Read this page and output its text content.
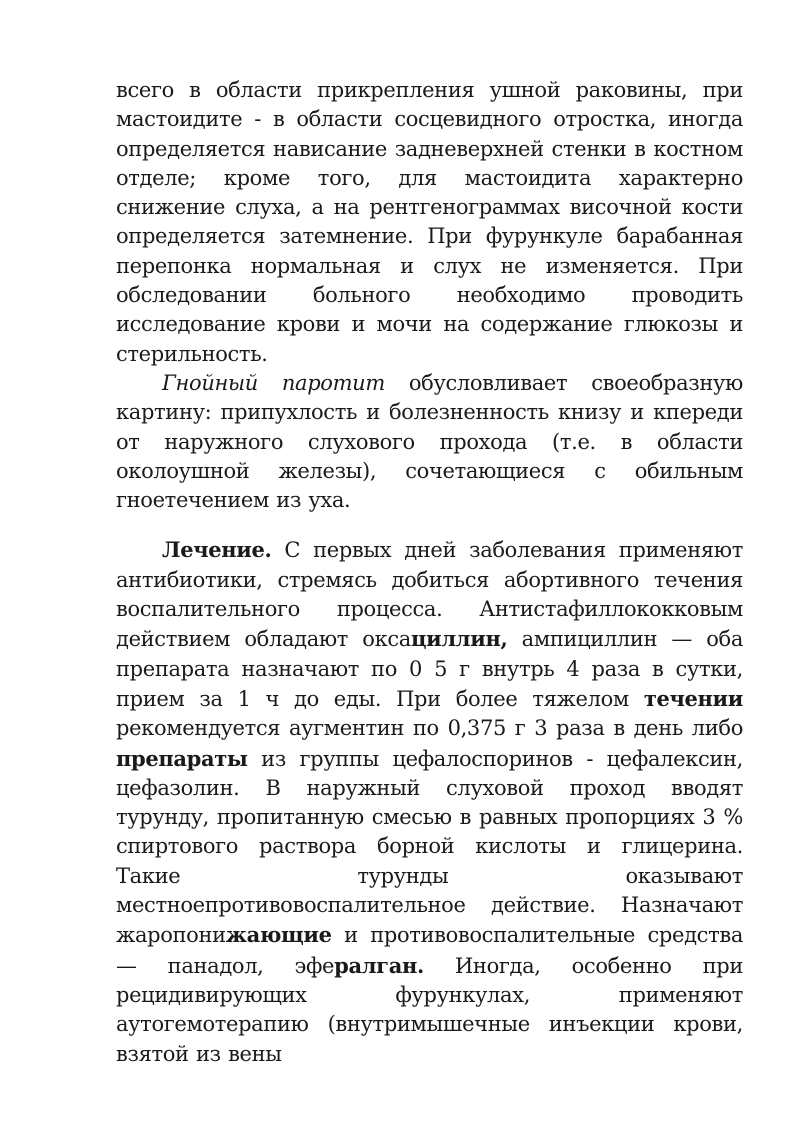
всего в области прикрепления ушной раковины, при мастоидите - в области сосцевидного отростка, иногда определяется нависание задневерхней стенки в костном отделе; кроме того, для мастоидита характерно снижение слуха, а на рентгенограммах височной кости определяется затемнение. При фурункуле барабанная перепонка нормальная и слух не изменяется. При обследовании больного необходимо проводить исследование крови и мочи на содержание глюкозы и стерильность.

Гнойный паротит обусловливает своеобразную картину: припухлость и болезненность книзу и кпереди от наружного слухового прохода (т.е. в области околоушной железы), сочетающиеся с обильным гноетечением из уха.

Лечение. С первых дней заболевания применяют антибиотики, стремясь добиться абортивного течения воспалительного процесса. Антистафиллококковым действием обладают оксациллин, ампициллин — оба препарата назначают по 0 5 г внутрь 4 раза в сутки, прием за 1 ч до еды. При более тяжелом течении рекомендуется аугментин по 0,375 г 3 раза в день либо препараты из группы цефалоспоринов - цефалексин, цефазолин. В наружный слуховой проход вводят турунду, пропитанную смесью в равных пропорциях 3 % спиртового раствора борной кислоты и глицерина. Такие турунды оказывают местноепротивовоспалительное действие. Назначают жаропонижающие и противовоспалительные средства — панадол, эфералган. Иногда, особенно при рецидивирующих фурункулах, применяют аутогемотерапию (внутримышечные инъекции крови, взятой из вены
